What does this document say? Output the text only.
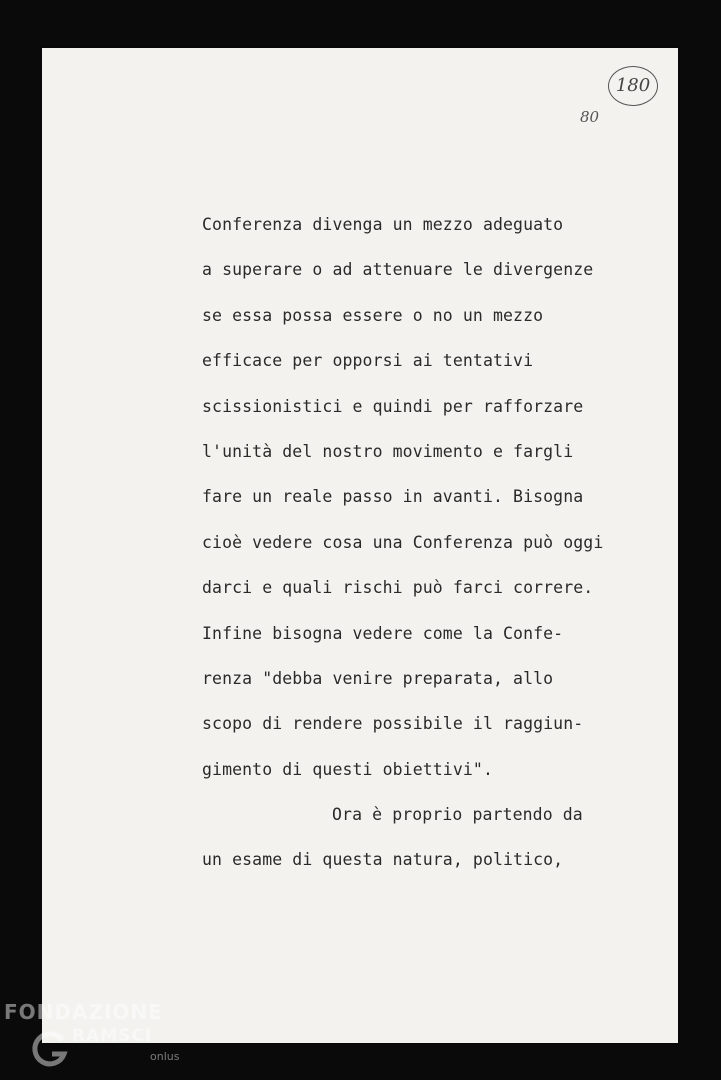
180
80
Conferenza divenga un mezzo adeguato
a superare o ad attenuare le divergenze
se essa possa essere o no un mezzo
efficace per opporsi ai tentativi
scissionistici e quindi per rafforzare
l'unità del nostro movimento e fargli
fare un reale passo in avanti. Bisogna
cioè vedere cosa una Conferenza può oggi
darci e quali rischi può farci correre.
Infine bisogna vedere come la Confe-
renza "debba venire preparata, allo
scopo di rendere possibile il raggiun-
gimento di questi obiettivi".
Ora è proprio partendo da
un esame di questa natura, politico,
FONDAZIONE
RAMSCI
onlus
